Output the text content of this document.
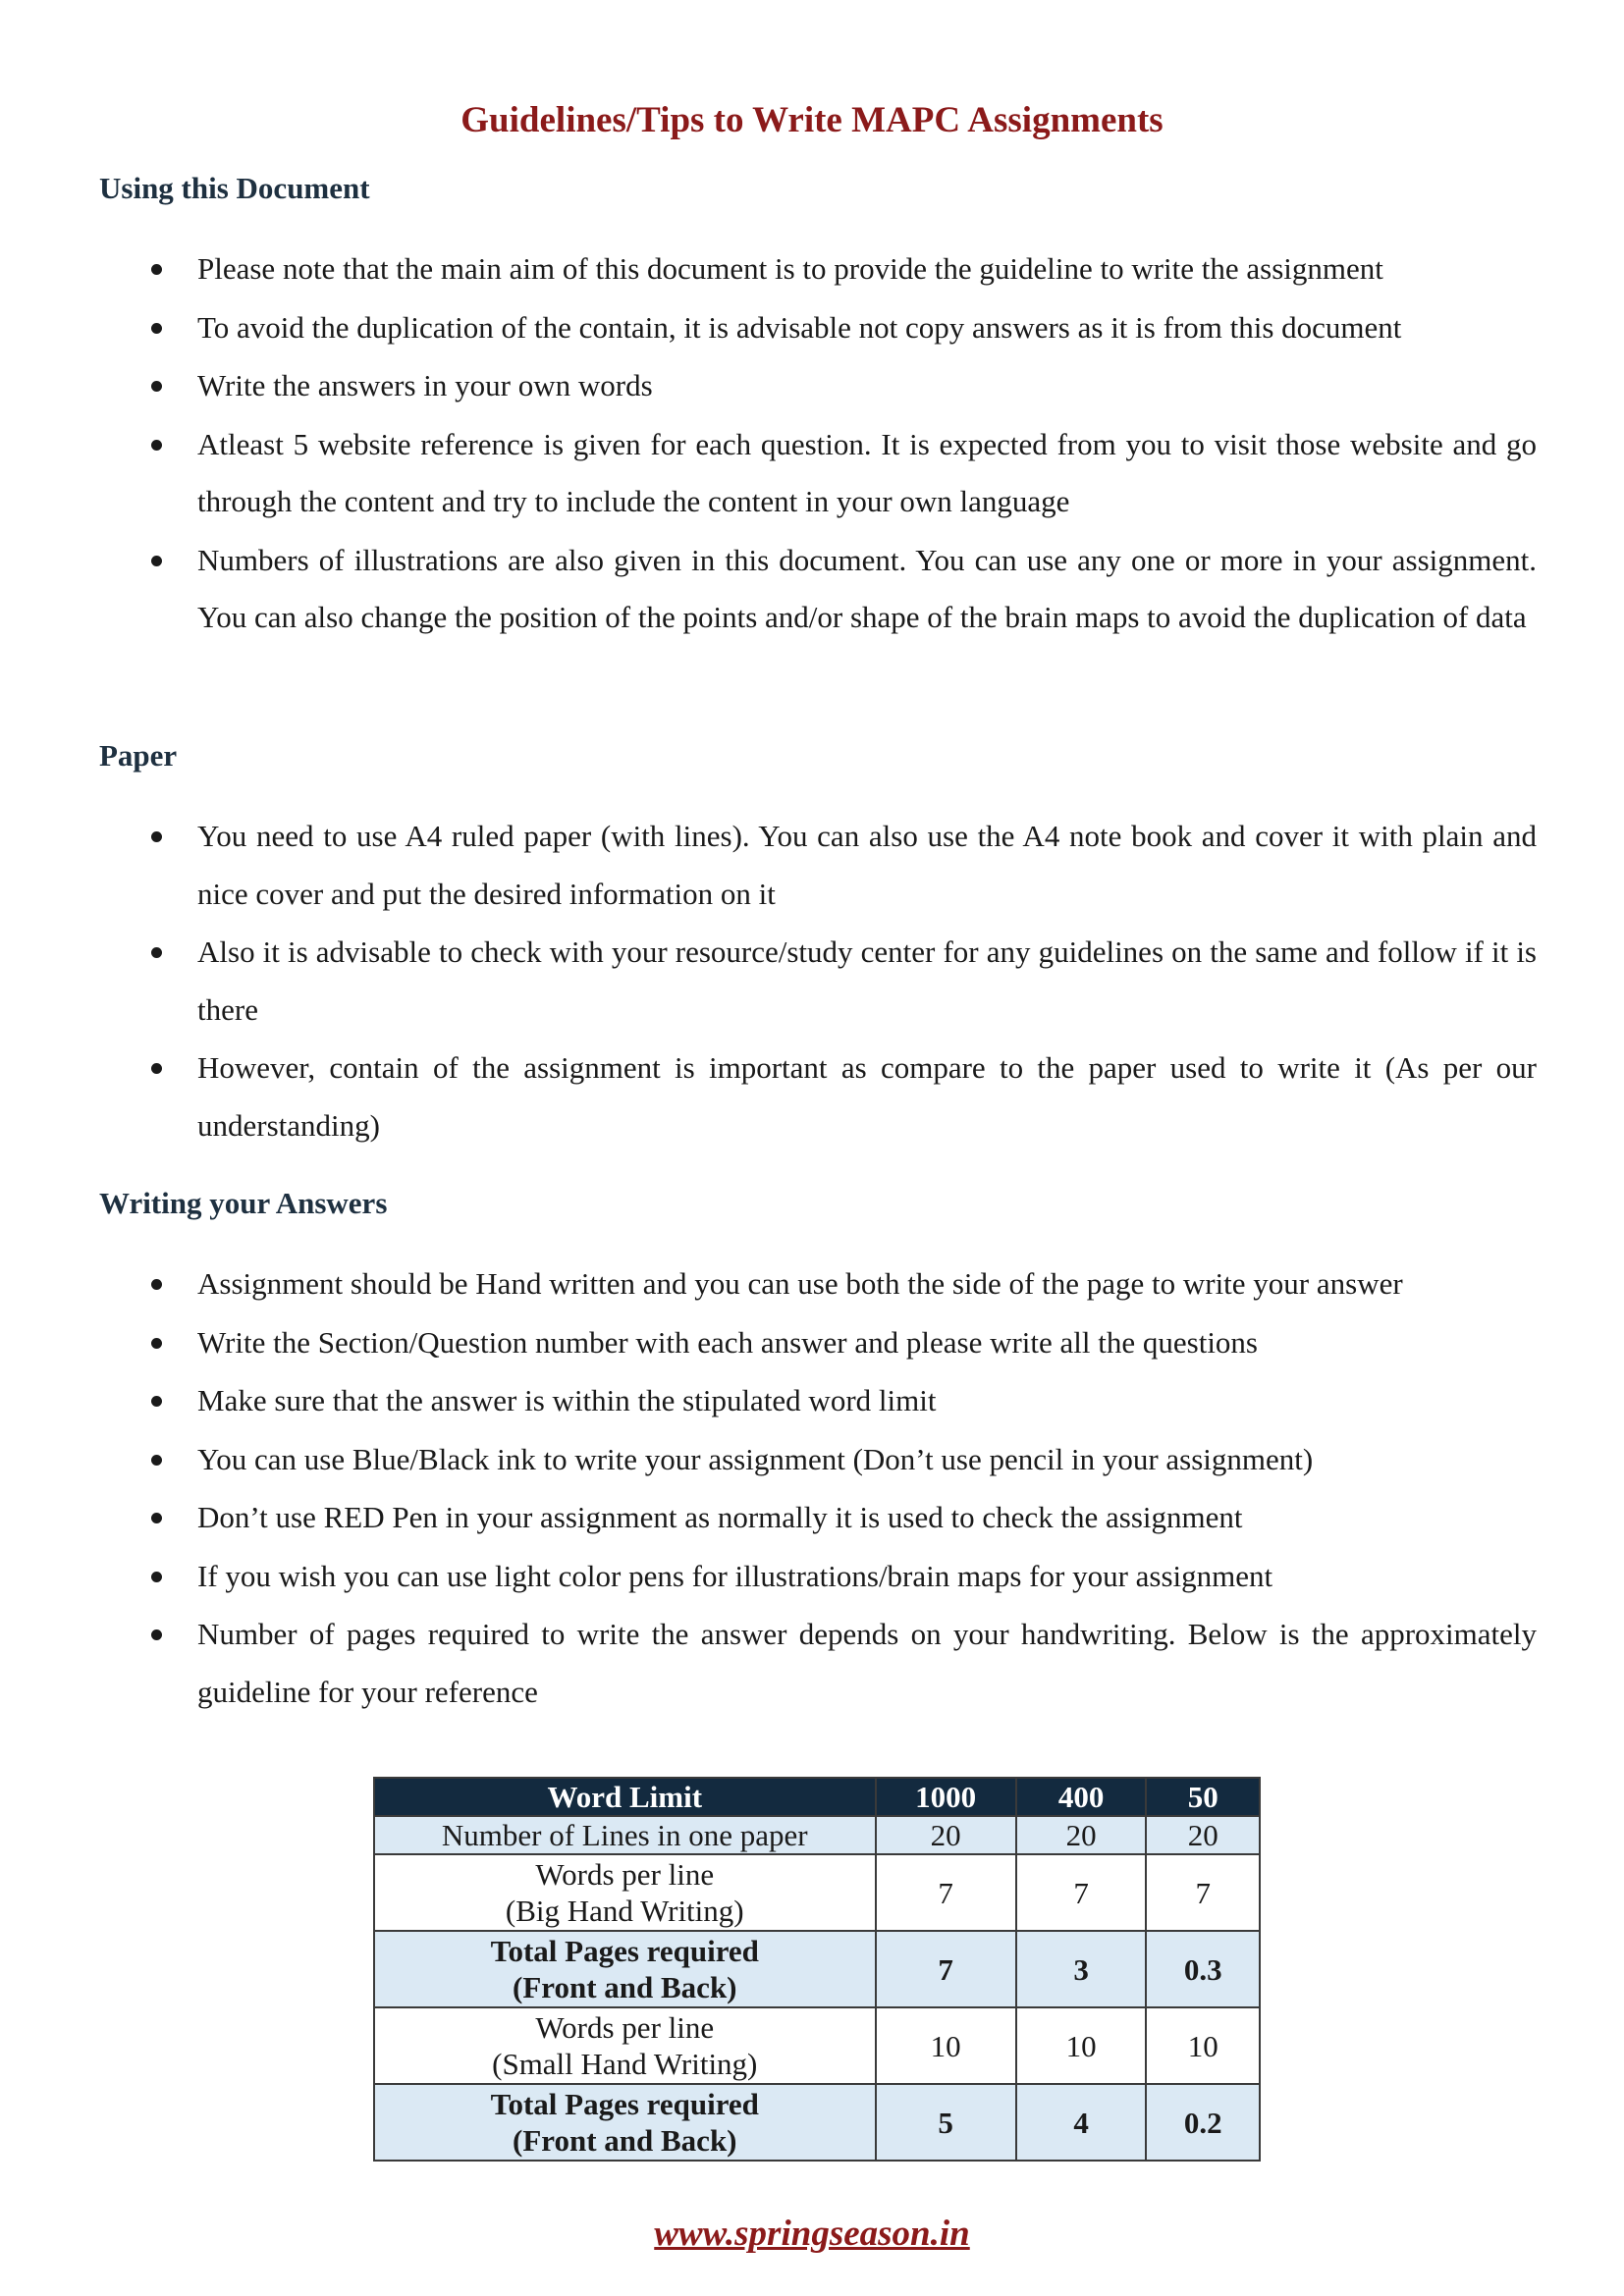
Guidelines/Tips to Write MAPC Assignments
Using this Document
Please note that the main aim of this document is to provide the guideline to write the assignment
To avoid the duplication of the contain, it is advisable not copy answers as it is from this document
Write the answers in your own words
Atleast 5 website reference is given for each question. It is expected from you to visit those website and go through the content and try to include the content in your own language
Numbers of illustrations are also given in this document. You can use any one or more in your assignment. You can also change the position of the points and/or shape of the brain maps to avoid the duplication of data
Paper
You need to use A4 ruled paper (with lines). You can also use the A4 note book and cover it with plain and nice cover and put the desired information on it
Also it is advisable to check with your resource/study center for any guidelines on the same and follow if it is there
However, contain of the assignment is important as compare to the paper used to write it (As per our understanding)
Writing your Answers
Assignment should be Hand written and you can use both the side of the page to write your answer
Write the Section/Question number with each answer and please write all the questions
Make sure that the answer is within the stipulated word limit
You can use Blue/Black ink to write your assignment (Don’t use pencil in your assignment)
Don’t use RED Pen in your assignment as normally it is used to check the assignment
If you wish you can use light color pens for illustrations/brain maps for your assignment
Number of pages required to write the answer depends on your handwriting. Below is the approximately guideline for your reference
Word Limit	1000	400	50
Number of Lines in one paper	20	20	20
Words per line
(Big Hand Writing)	7	7	7
Total Pages required
(Front and Back)	7	3	0.3
Words per line
(Small Hand Writing)	10	10	10
Total Pages required
(Front and Back)	5	4	0.2
www.springseason.in
